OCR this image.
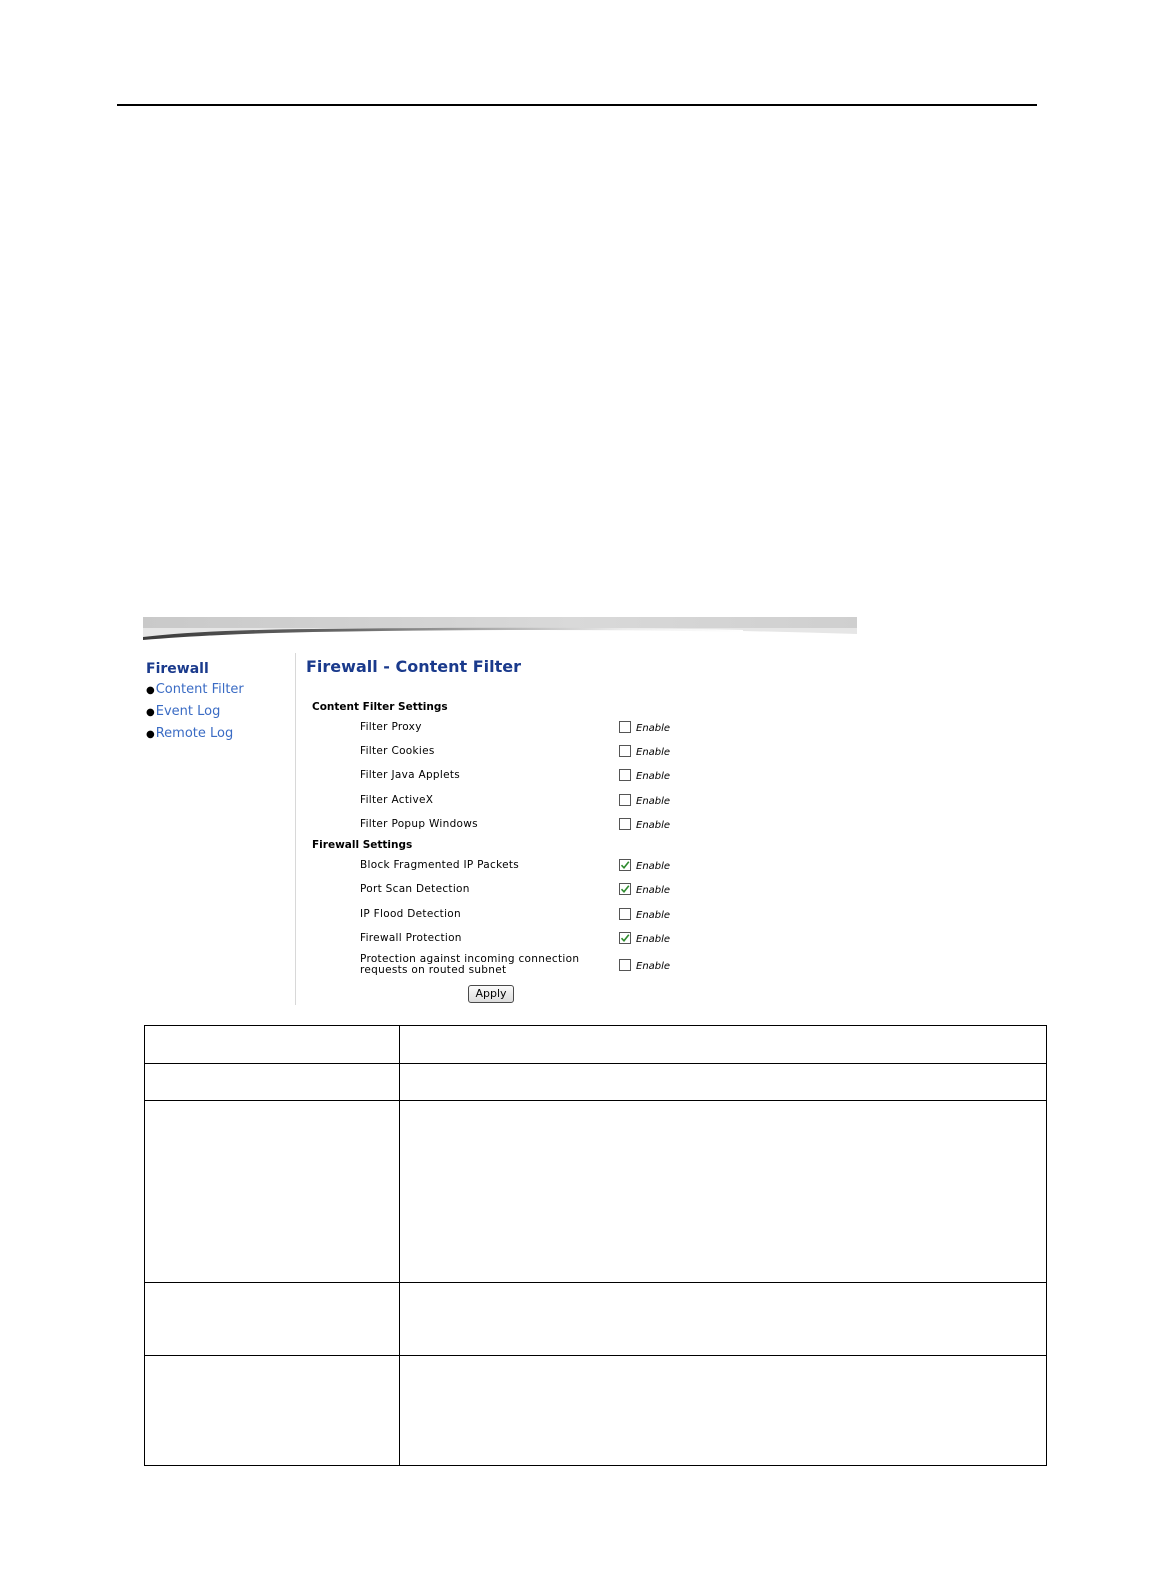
Firewall
●Content Filter
●Event Log
●Remote Log
Firewall - Content Filter
Content Filter Settings
Filter Proxy	Enable
Filter Cookies	Enable
Filter Java Applets	Enable
Filter ActiveX	Enable
Filter Popup Windows	Enable
Firewall Settings
Block Fragmented IP Packets	Enable
Port Scan Detection	Enable
IP Flood Detection	Enable
Firewall Protection	Enable
Protection against incoming connection
requests on routed subnet	Enable
Apply
